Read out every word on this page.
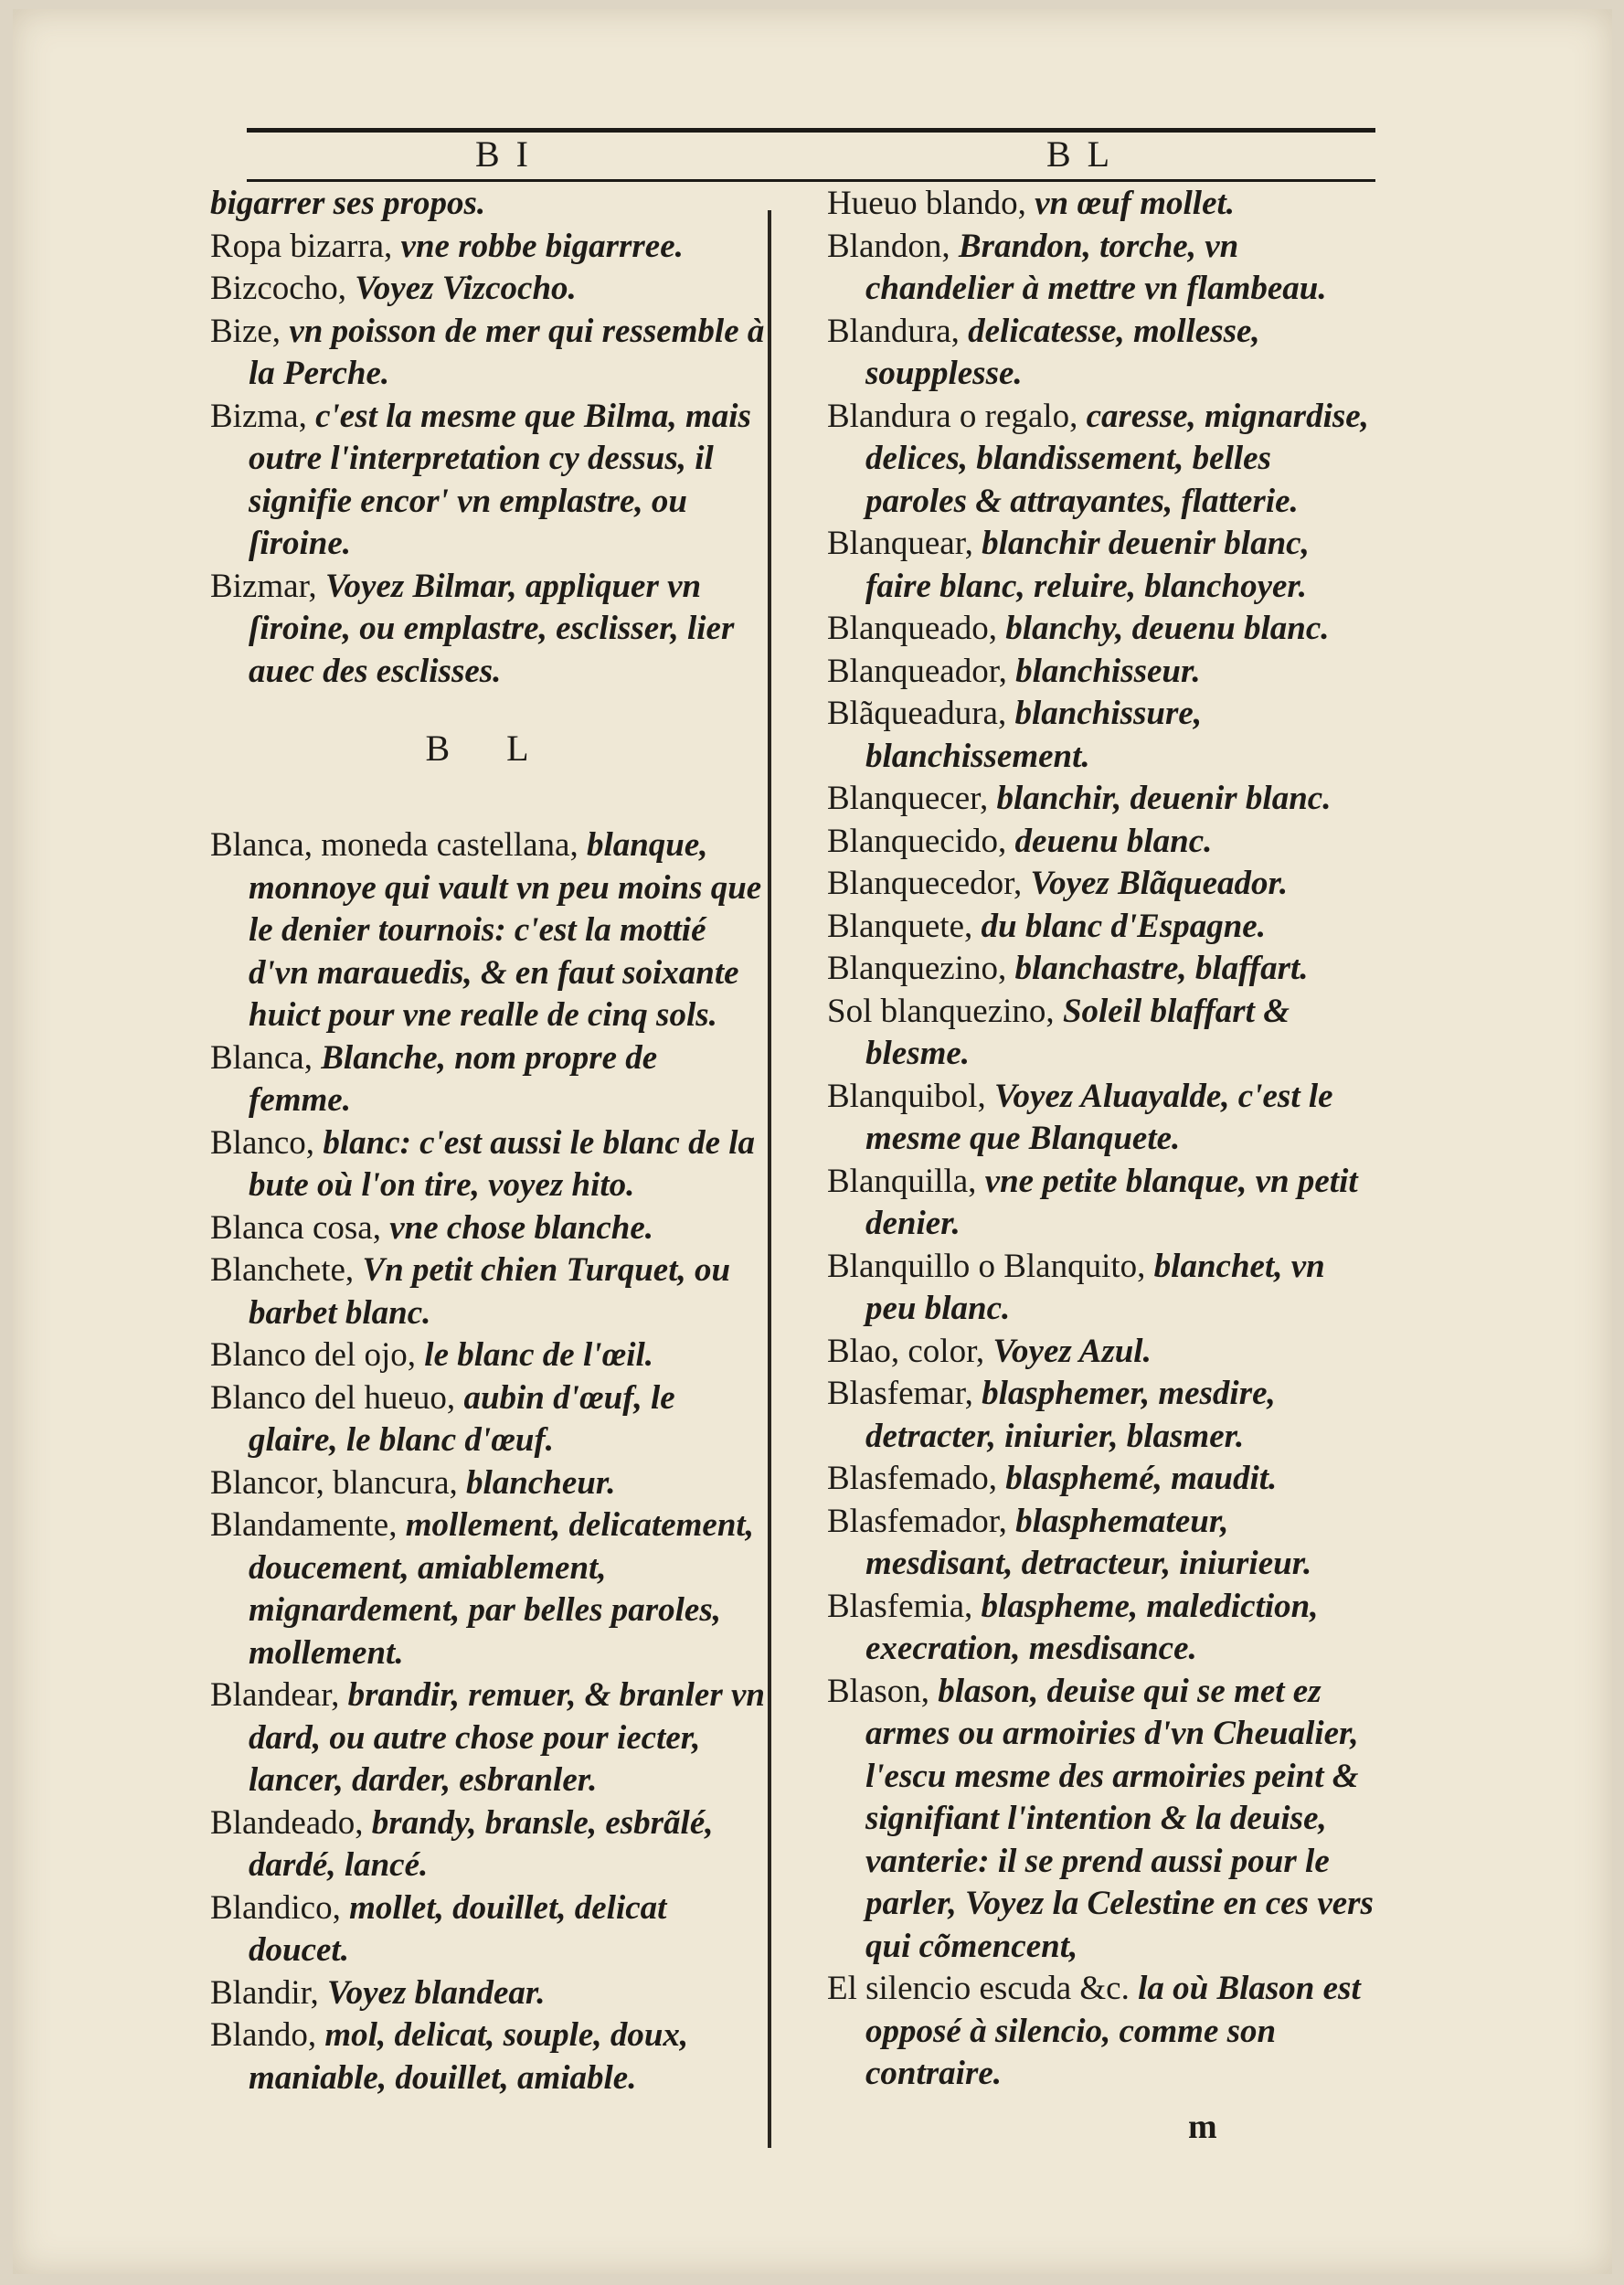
B I	B L
bigarrer ses propos.
Ropa bizarra, vne robbe bigarrree.
Bizcocho, Voyez Vizcocho.
Bize, vn poisson de mer qui ressemble à la Perche.
Bizma, c'est la mesme que Bilma, mais outre l'interpretation cy dessus, il signifie encor' vn emplastre, ou ſiroine.
Bizmar, Voyez Bilmar, appliquer vn ſiroine, ou emplastre, esclisser, lier auec des esclisses.
B L
Blanca, moneda castellana, blanque, monnoye qui vault vn peu moins que le denier tournois: c'est la mottié d'vn marauedis, & en faut soixante huict pour vne realle de cinq sols.
Blanca, Blanche, nom propre de femme.
Blanco, blanc: c'est aussi le blanc de la bute où l'on tire, voyez hito.
Blanca cosa, vne chose blanche.
Blanchete, Vn petit chien Turquet, ou barbet blanc.
Blanco del ojo, le blanc de l'œil.
Blanco del hueuo, aubin d'œuf, le glaire, le blanc d'œuf.
Blancor, blancura, blancheur.
Blandamente, mollement, delicatement, doucement, amiablement, mignardement, par belles paroles, mollement.
Blandear, brandir, remuer, & branler vn dard, ou autre chose pour iecter, lancer, darder, esbranler.
Blandeado, brandy, bransle, esbrãlé, dardé, lancé.
Blandico, mollet, douillet, delicat doucet.
Blandir, Voyez blandear.
Blando, mol, delicat, souple, doux, maniable, douillet, amiable.
Hueuo blando, vn œuf mollet.
Blandon, Brandon, torche, vn chandelier à mettre vn flambeau.
Blandura, delicatesse, mollesse, soupplesse.
Blandura o regalo, caresse, mignardise, delices, blandissement, belles paroles & attrayantes, flatterie.
Blanquear, blanchir deuenir blanc, faire blanc, reluire, blanchoyer.
Blanqueado, blanchy, deuenu blanc.
Blanqueador, blanchisseur.
Blãqueadura, blanchissure, blanchissement.
Blanquecer, blanchir, deuenir blanc.
Blanquecido, deuenu blanc.
Blanquecedor, Voyez Blãqueador.
Blanquete, du blanc d'Espagne.
Blanquezino, blanchastre, blaffart.
Sol blanquezino, Soleil blaffart & blesme.
Blanquibol, Voyez Aluayalde, c'est le mesme que Blanquete.
Blanquilla, vne petite blanque, vn petit denier.
Blanquillo o Blanquito, blanchet, vn peu blanc.
Blao, color, Voyez Azul.
Blasfemar, blasphemer, mesdire, detracter, iniurier, blasmer.
Blasfemado, blasphemé, maudit.
Blasfemador, blasphemateur, mesdisant, detracteur, iniurieur.
Blasfemia, blaspheme, malediction, execration, mesdisance.
Blason, blason, deuise qui se met ez armes ou armoiries d'vn Cheualier, l'escu mesme des armoiries peint & signifiant l'intention & la deuise, vanterie: il se prend aussi pour le parler, Voyez la Celestine en ces vers qui cõmencent,
El silencio escuda &c. la où Blason est opposé à silencio, comme son contraire.
m
